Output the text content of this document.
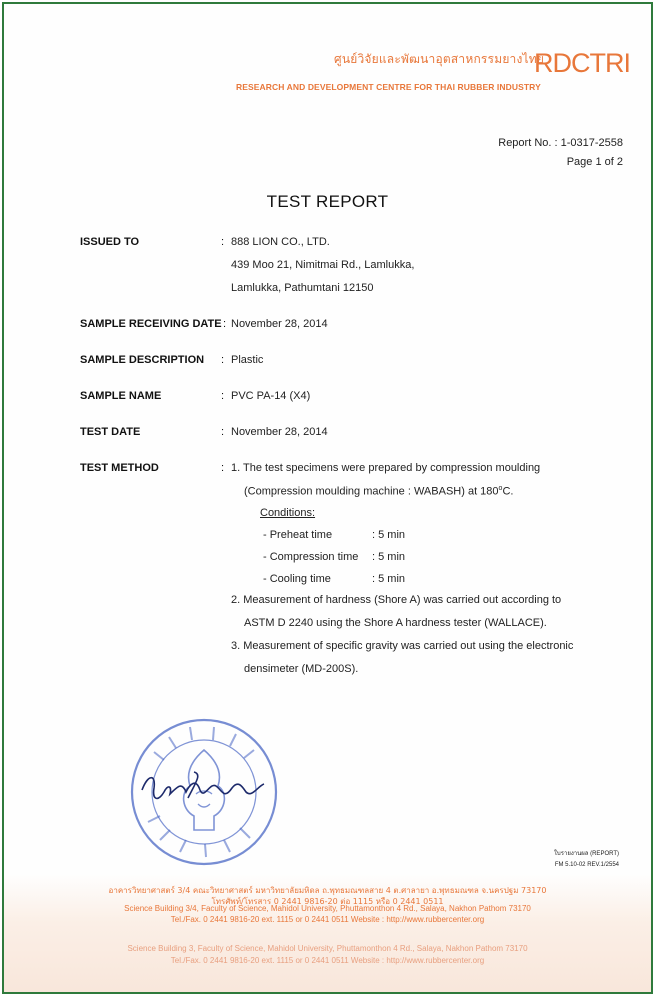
ศูนย์วิจัยและพัฒนาอุตสาหกรรมยางไทย
RESEARCH AND DEVELOPMENT CENTRE FOR THAI RUBBER INDUSTRY
RDCTRI
Report No. : 1-0317-2558
Page 1 of 2
TEST REPORT
ISSUED TO	: 888 LION CO., LTD.
439 Moo 21, Nimitmai Rd., Lamlukka,
Lamlukka, Pathumtani 12150
SAMPLE RECEIVING DATE : November 28, 2014
SAMPLE DESCRIPTION : Plastic
SAMPLE NAME	: PVC PA-14 (X4)
TEST DATE	: November 28, 2014
TEST METHOD	: 1. The test specimens were prepared by compression moulding
(Compression moulding machine : WABASH) at 180$^o$C.
Conditions:
- Preheat time	: 5 min
- Compression time : 5 min
- Cooling time	: 5 min
2. Measurement of hardness (Shore A) was carried out according to
ASTM D 2240 using the Shore A hardness tester (WALLACE).
3. Measurement of specific gravity was carried out using the electronic
densimeter (MD-200S).
ใบรายงานผล (REPORT)
FM 5.10-02 REV.1/2554
อาคารวิทยาศาสตร์ 3/4 คณะวิทยาศาสตร์ มหาวิทยาลัยมหิดล ถ.พุทธมณฑลสาย 4 ต.ศาลายา อ.พุทธมณฑล จ.นครปฐม 73170
โทรศัพท์/โทรสาร 0 2441 9816-20 ต่อ 1115 หรือ 0 2441 0511
Science Building 3/4, Faculty of Science, Mahidol University, Phuttamonthon 4 Rd., Salaya, Nakhon Pathom 73170
Tel./Fax. 0 2441 9816-20 ext. 1115 or 0 2441 0511 Website : http://www.rubbercenter.org
Science Building 3, Faculty of Science, Mahidol University, Phuttamonthon 4 Rd., Salaya, Nakhon Pathom 73170
Tel./Fax. 0 2441 9816-20 ext. 1115 or 0 2441 0511 Website : http://www.rubbercenter.org
